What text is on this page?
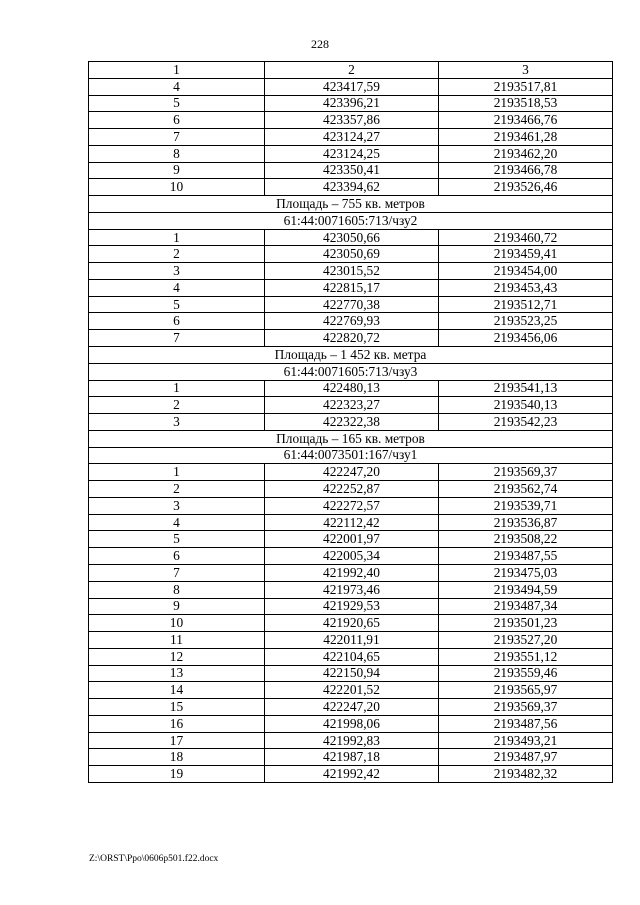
228
1	2	3
4	423417,59	2193517,81
5	423396,21	2193518,53
6	423357,86	2193466,76
7	423124,27	2193461,28
8	423124,25	2193462,20
9	423350,41	2193466,78
10	423394,62	2193526,46
Площадь – 755 кв. метров		
61:44:0071605:713/чзу2		
1	423050,66	2193460,72
2	423050,69	2193459,41
3	423015,52	2193454,00
4	422815,17	2193453,43
5	422770,38	2193512,71
6	422769,93	2193523,25
7	422820,72	2193456,06
Площадь – 1 452 кв. метра		
61:44:0071605:713/чзу3		
1	422480,13	2193541,13
2	422323,27	2193540,13
3	422322,38	2193542,23
Площадь – 165 кв. метров		
61:44:0073501:167/чзу1		
1	422247,20	2193569,37
2	422252,87	2193562,74
3	422272,57	2193539,71
4	422112,42	2193536,87
5	422001,97	2193508,22
6	422005,34	2193487,55
7	421992,40	2193475,03
8	421973,46	2193494,59
9	421929,53	2193487,34
10	421920,65	2193501,23
11	422011,91	2193527,20
12	422104,65	2193551,12
13	422150,94	2193559,46
14	422201,52	2193565,97
15	422247,20	2193569,37
16	421998,06	2193487,56
17	421992,83	2193493,21
18	421987,18	2193487,97
19	421992,42	2193482,32
Z:\ORST\Ppo\0606p501.f22.docx
